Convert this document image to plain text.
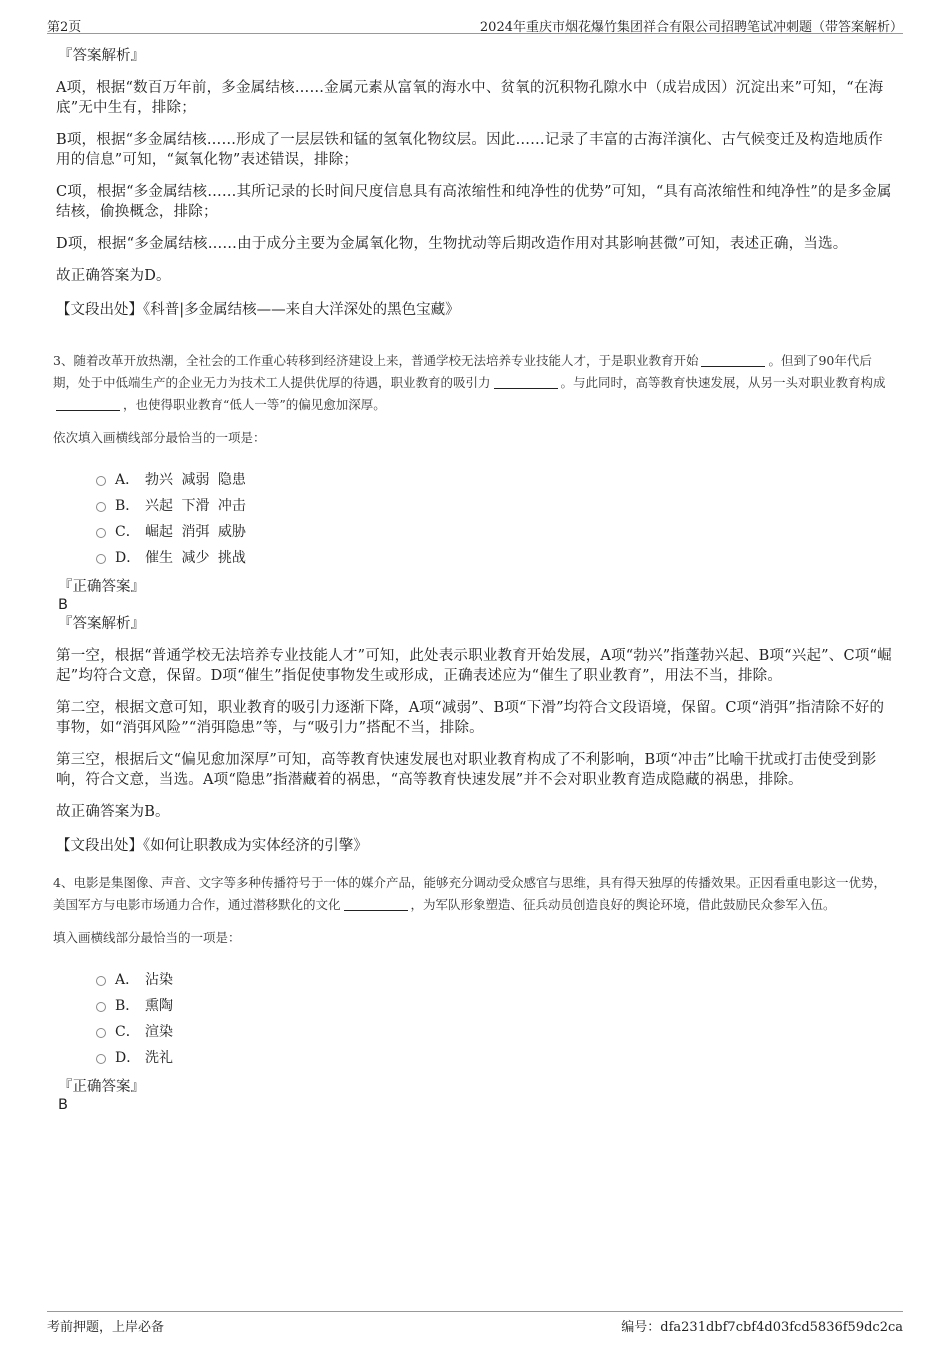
第2页	2024年重庆市烟花爆竹集团祥合有限公司招聘笔试冲刺题（带答案解析）
『答案解析』

A项，根据“数百万年前，多金属结核……金属元素从富氧的海水中、贫氧的沉积物孔隙水中（成岩成因）沉淀出来”可知，“在海底”无中生有，排除；

B项，根据“多金属结核……形成了一层层铁和锰的氢氧化物纹层。因此……记录了丰富的古海洋演化、古气候变迁及构造地质作用的信息”可知，“氮氧化物”表述错误，排除；

C项，根据“多金属结核……其所记录的长时间尺度信息具有高浓缩性和纯净性的优势”可知，“具有高浓缩性和纯净性”的是多金属结核，偷换概念，排除；

D项，根据“多金属结核……由于成分主要为金属氧化物，生物扰动等后期改造作用对其影响甚微”可知，表述正确，当选。

故正确答案为D。

【文段出处】《科普|多金属结核——来自大洋深处的黑色宝藏》

3、随着改革开放热潮，全社会的工作重心转移到经济建设上来，普通学校无法培养专业技能人才，于是职业教育开始	。但到了90年代后期，处于中低端生产的企业无力为技术工人提供优厚的待遇，职业教育的吸引力	。与此同时，高等教育快速发展，从另一头对职业教育构成，也使得职业教育“低人一等”的偏见愈加深厚。

依次填入画横线部分最恰当的一项是：

A． 勃兴 减弱 隐患
B． 兴起 下滑 冲击
C． 崛起 消弭 威胁
D． 催生 减少 挑战
『正确答案』
B
『答案解析』

第一空，根据“普通学校无法培养专业技能人才”可知，此处表示职业教育开始发展，A项“勃兴”指蓬勃兴起、B项“兴起”、C项“崛起”均符合文意，保留。D项“催生”指促使事物发生或形成，正确表述应为“催生了职业教育”，用法不当，排除。

第二空，根据文意可知，职业教育的吸引力逐渐下降，A项“减弱”、B项“下滑”均符合文段语境，保留。C项“消弭”指清除不好的事物，如“消弭风险”“消弭隐患”等，与“吸引力”搭配不当，排除。

第三空，根据后文“偏见愈加深厚”可知，高等教育快速发展也对职业教育构成了不利影响，B项“冲击”比喻干扰或打击使受到影响，符合文意，当选。A项“隐患”指潜藏着的祸患，“高等教育快速发展”并不会对职业教育造成隐藏的祸患，排除。

故正确答案为B。

【文段出处】《如何让职教成为实体经济的引擎》

4、电影是集图像、声音、文字等多种传播符号于一体的媒介产品，能够充分调动受众感官与思维，具有得天独厚的传播效果。正因看重电影这一优势，美国军方与电影市场通力合作，通过潜移默化的文化	，为军队形象塑造、征兵动员创造良好的舆论环境，借此鼓励民众参军入伍。

填入画横线部分最恰当的一项是：

A． 沾染
B． 熏陶
C． 渲染
D． 洗礼
『正确答案』
B
考前押题，上岸必备	编号：dfa231dbf7cbf4d03fcd5836f59dc2ca
